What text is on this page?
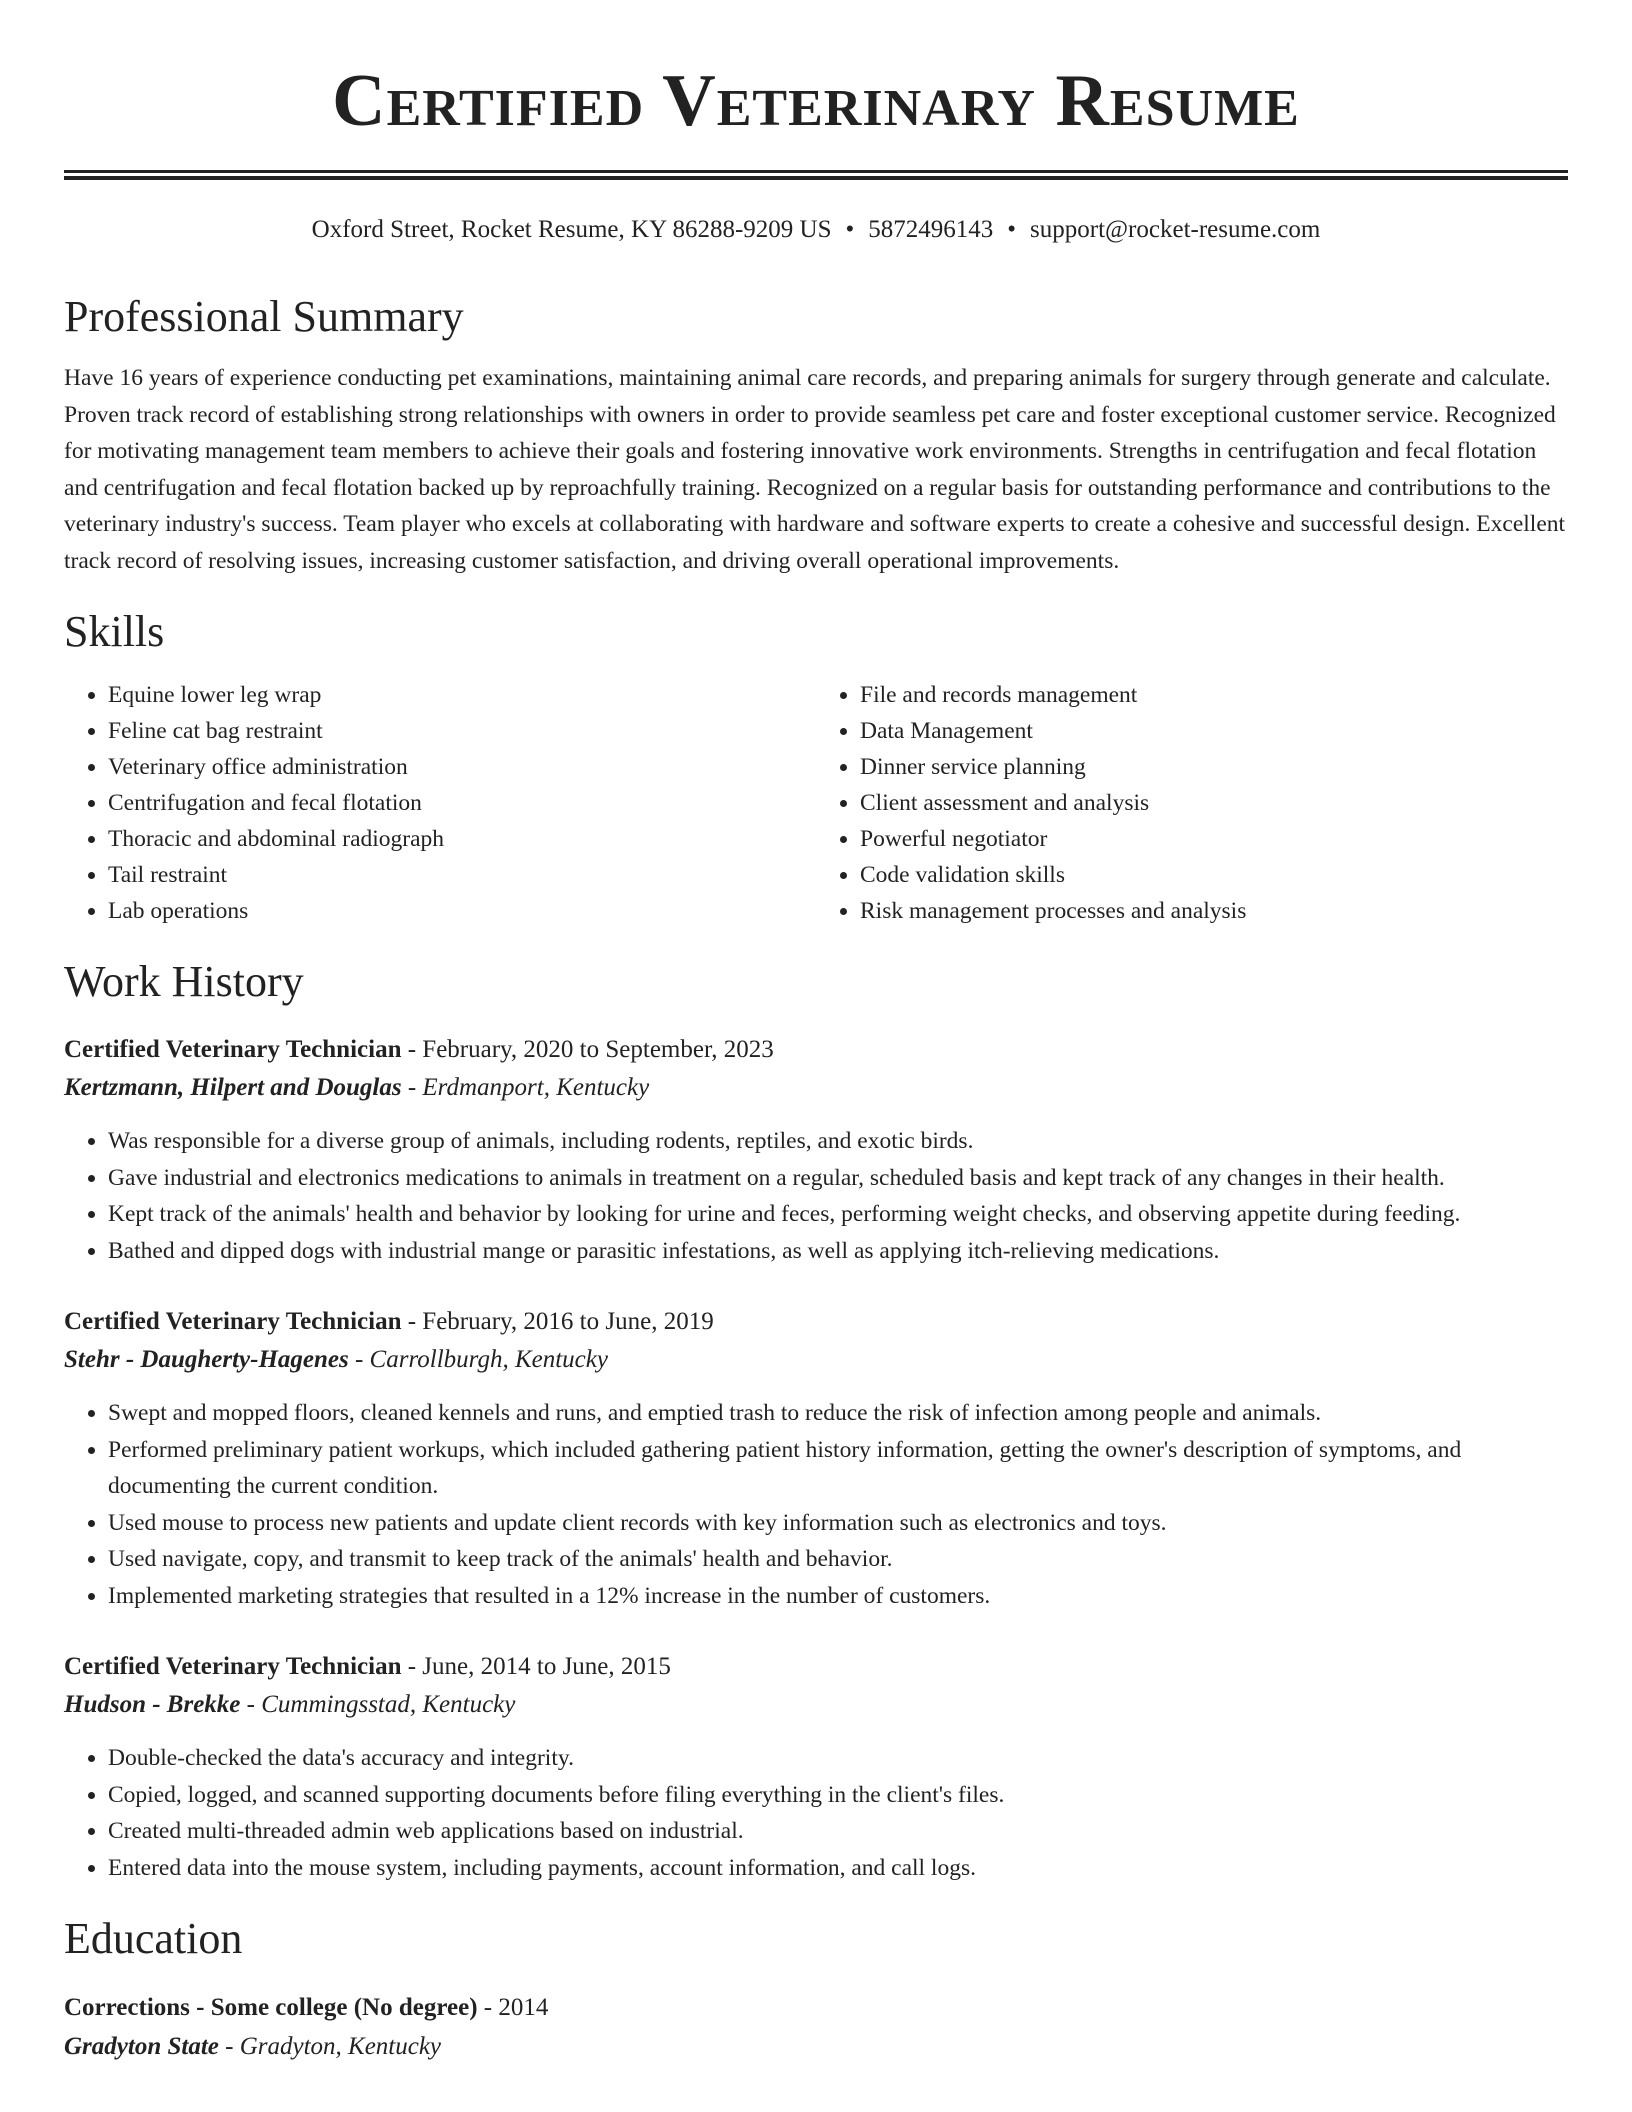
Certified Veterinary Resume
Oxford Street, Rocket Resume, KY 86288-9209 US • 5872496143 • support@rocket-resume.com
Professional Summary

Have 16 years of experience conducting pet examinations, maintaining animal care records, and preparing animals for surgery through generate and calculate. Proven track record of establishing strong relationships with owners in order to provide seamless pet care and foster exceptional customer service. Recognized for motivating management team members to achieve their goals and fostering innovative work environments. Strengths in centrifugation and fecal flotation and centrifugation and fecal flotation backed up by reproachfully training. Recognized on a regular basis for outstanding performance and contributions to the veterinary industry's success. Team player who excels at collaborating with hardware and software experts to create a cohesive and successful design. Excellent track record of resolving issues, increasing customer satisfaction, and driving overall operational improvements.

Skills
• Equine lower leg wrap
• Feline cat bag restraint
• Veterinary office administration
• Centrifugation and fecal flotation
• Thoracic and abdominal radiograph
• Tail restraint
• Lab operations
• File and records management
• Data Management
• Dinner service planning
• Client assessment and analysis
• Powerful negotiator
• Code validation skills
• Risk management processes and analysis
Work History
Certified Veterinary Technician - February, 2020 to September, 2023
Kertzmann, Hilpert and Douglas - Erdmanport, Kentucky
• Was responsible for a diverse group of animals, including rodents, reptiles, and exotic birds.
• Gave industrial and electronics medications to animals in treatment on a regular, scheduled basis and kept track of any changes in their health.
• Kept track of the animals' health and behavior by looking for urine and feces, performing weight checks, and observing appetite during feeding.
• Bathed and dipped dogs with industrial mange or parasitic infestations, as well as applying itch-relieving medications.
Certified Veterinary Technician - February, 2016 to June, 2019
Stehr - Daugherty-Hagenes - Carrollburgh, Kentucky
• Swept and mopped floors, cleaned kennels and runs, and emptied trash to reduce the risk of infection among people and animals.
• Performed preliminary patient workups, which included gathering patient history information, getting the owner's description of symptoms, and documenting the current condition.
• Used mouse to process new patients and update client records with key information such as electronics and toys.
• Used navigate, copy, and transmit to keep track of the animals' health and behavior.
• Implemented marketing strategies that resulted in a 12% increase in the number of customers.
Certified Veterinary Technician - June, 2014 to June, 2015
Hudson - Brekke - Cummingsstad, Kentucky
• Double-checked the data's accuracy and integrity.
• Copied, logged, and scanned supporting documents before filing everything in the client's files.
• Created multi-threaded admin web applications based on industrial.
• Entered data into the mouse system, including payments, account information, and call logs.
Education
Corrections - Some college (No degree) - 2014
Gradyton State - Gradyton, Kentucky
